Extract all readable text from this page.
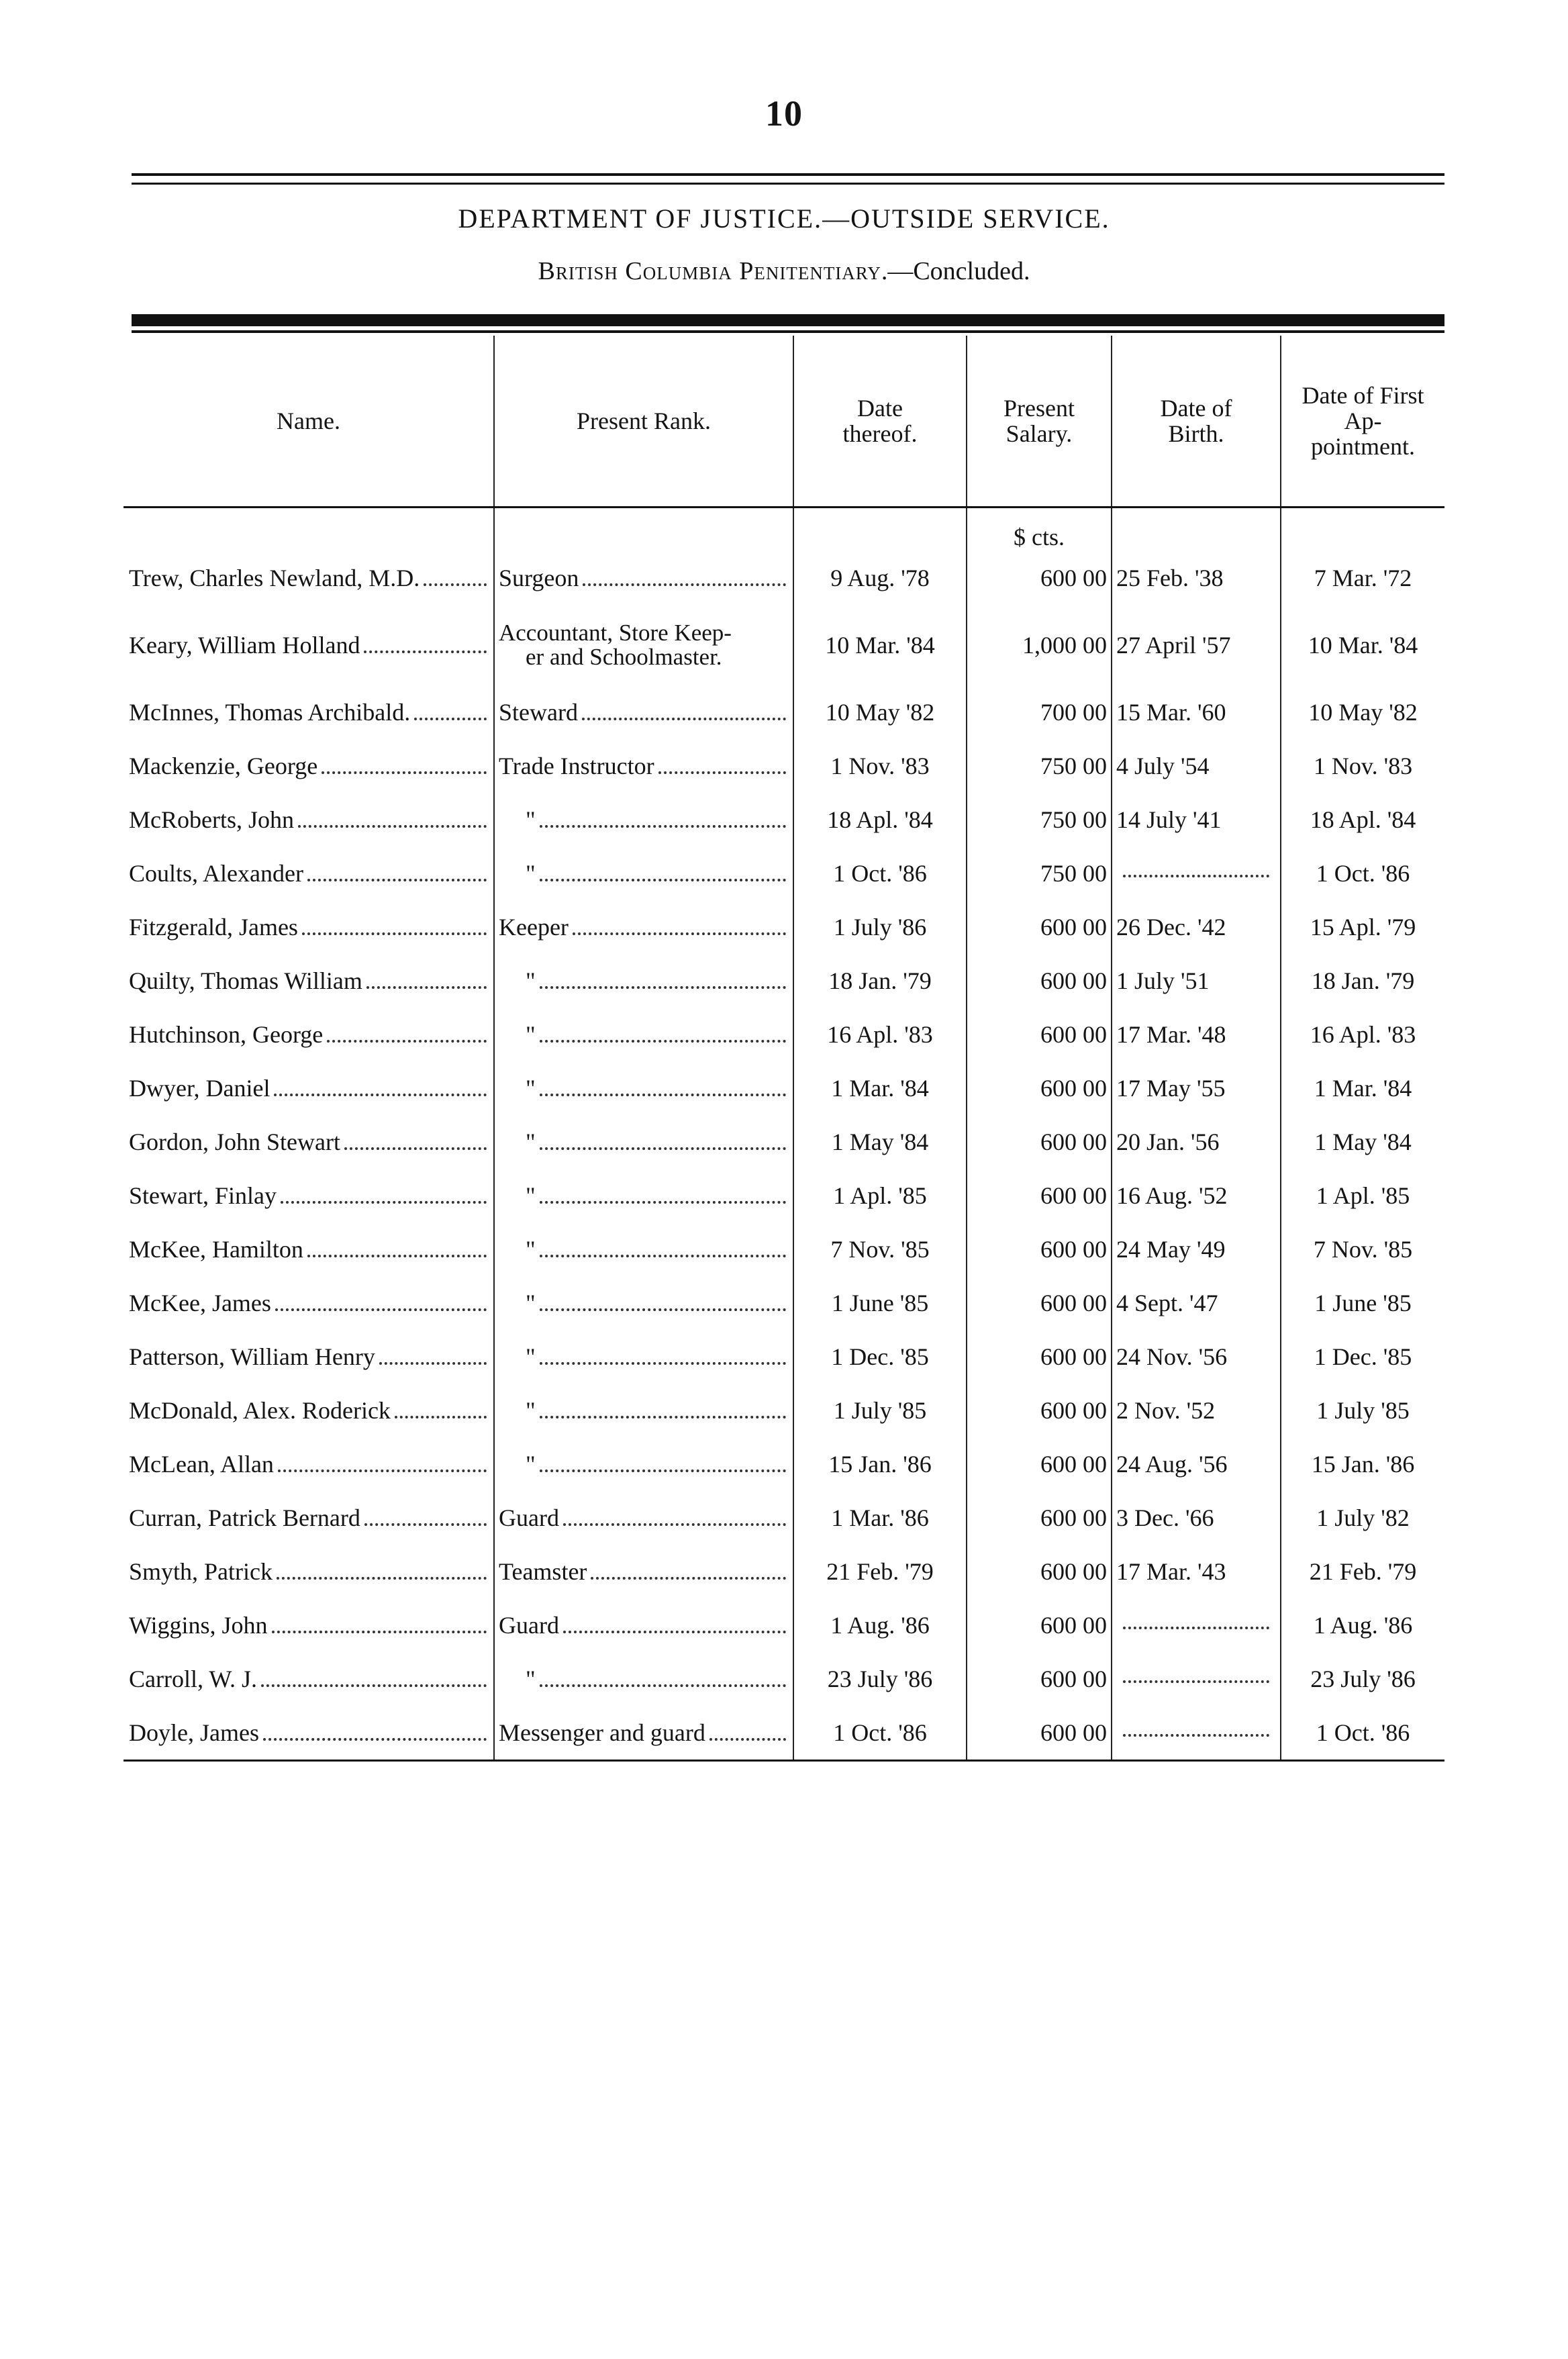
10
DEPARTMENT OF JUSTICE.—OUTSIDE SERVICE.
British Columbia Penitentiary.—Concluded.
Name.	Present Rank.	Date thereof.	Present Salary.	Date of Birth.	Date of First Ap-pointment.
			$ cts.		

Trew, Charles Newland, M.D.	Surgeon	9 Aug. '78	600 00	25 Feb. '38	7 Mar. '72

Keary, William Holland	Accountant, Store Keep-
er and Schoolmaster.	10 Mar. '84	1,000 00	27 April '57	10 Mar. '84

McInnes, Thomas Archibald.	Steward	10 May '82	700 00	15 Mar. '60	10 May '82

Mackenzie, George	Trade Instructor	1 Nov. '83	750 00	4 July '54	1 Nov. '83

McRoberts, John	"	18 Apl. '84	750 00	14 July '41	18 Apl. '84

Coults, Alexander	"	1 Oct. '86	750 00		1 Oct. '86

Fitzgerald, James	Keeper	1 July '86	600 00	26 Dec. '42	15 Apl. '79

Quilty, Thomas William	"	18 Jan. '79	600 00	1 July '51	18 Jan. '79

Hutchinson, George	"	16 Apl. '83	600 00	17 Mar. '48	16 Apl. '83

Dwyer, Daniel	"	1 Mar. '84	600 00	17 May '55	1 Mar. '84

Gordon, John Stewart	"	1 May '84	600 00	20 Jan. '56	1 May '84

Stewart, Finlay	"	1 Apl. '85	600 00	16 Aug. '52	1 Apl. '85

McKee, Hamilton	"	7 Nov. '85	600 00	24 May '49	7 Nov. '85

McKee, James	"	1 June '85	600 00	4 Sept. '47	1 June '85

Patterson, William Henry	"	1 Dec. '85	600 00	24 Nov. '56	1 Dec. '85

McDonald, Alex. Roderick	"	1 July '85	600 00	2 Nov. '52	1 July '85

McLean, Allan	"	15 Jan. '86	600 00	24 Aug. '56	15 Jan. '86

Curran, Patrick Bernard	Guard	1 Mar. '86	600 00	3 Dec. '66	1 July '82

Smyth, Patrick	Teamster	21 Feb. '79	600 00	17 Mar. '43	21 Feb. '79

Wiggins, John	Guard	1 Aug. '86	600 00		1 Aug. '86

Carroll, W. J.	"	23 July '86	600 00		23 July '86

Doyle, James	Messenger and guard	1 Oct. '86	600 00		1 Oct. '86
